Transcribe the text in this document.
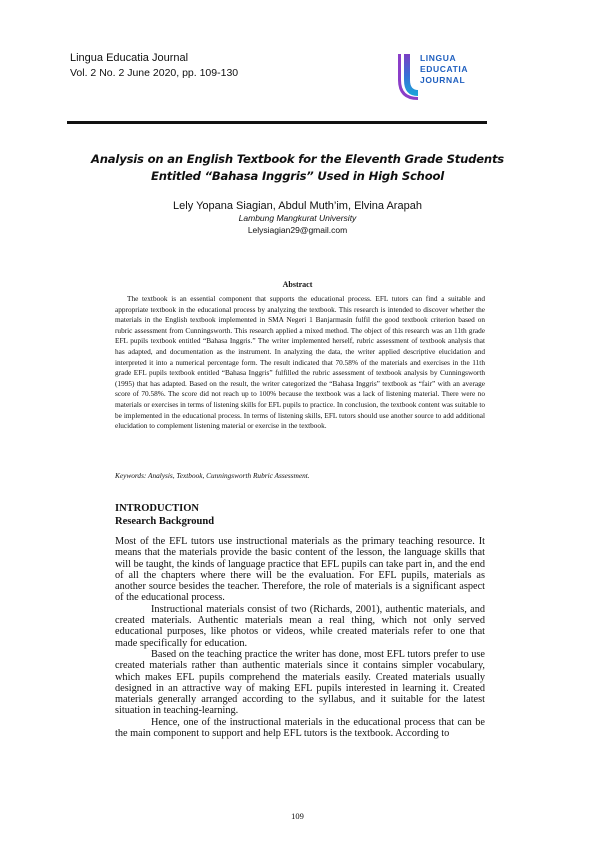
Lingua Educatia Journal
Vol. 2 No. 2 June 2020, pp. 109-130
LINGUA
EDUCATIA
JOURNAL
Analysis on an English Textbook for the Eleventh Grade Students
Entitled “Bahasa Inggris” Used in High School
Lely Yopana Siagian, Abdul Muth’im, Elvina Arapah
Lambung Mangkurat University
Lelysiagian29@gmail.com
Abstract

The textbook is an essential component that supports the educational process. EFL tutors can find a suitable and appropriate textbook in the educational process by analyzing the textbook. This research is intended to discover whether the materials in the English textbook implemented in SMA Negeri 1 Banjarmasin fulfil the good textbook criterion based on rubric assessment from Cunningsworth. This research applied a mixed method. The object of this research was an 11th grade EFL pupils textbook entitled “Bahasa Inggris.” The writer implemented herself, rubric assessment of textbook analysis that has adapted, and documentation as the instrument. In analyzing the data, the writer applied descriptive elucidation and interpreted it into a numerical percentage form. The result indicated that 70.58% of the materials and exercises in the 11th grade EFL pupils textbook entitled “Bahasa Inggris” fulfilled the rubric assessment of textbook analysis by Cunningsworth (1995) that has adapted. Based on the result, the writer categorized the “Bahasa Inggris” textbook as “fair” with an average score of 70.58%. The score did not reach up to 100% because the textbook was a lack of listening material. There were no materials or exercises in terms of listening skills for EFL pupils to practice. In conclusion, the textbook content was suitable to be implemented in the educational process. In terms of listening skills, EFL tutors should use another source to add additional elucidation to complement listening material or exercise in the textbook.

Keywords: Analysis, Textbook, Cunningsworth Rubric Assessment.
INTRODUCTION
Research Background

Most of the EFL tutors use instructional materials as the primary teaching resource. It means that the materials provide the basic content of the lesson, the language skills that will be taught, the kinds of language practice that EFL pupils can take part in, and the end of all the chapters where there will be the evaluation. For EFL pupils, materials as another source besides the teacher. Therefore, the role of materials is a significant aspect of the educational process.

Instructional materials consist of two (Richards, 2001), authentic materials, and created materials. Authentic materials mean a real thing, which not only served educational purposes, like photos or videos, while created materials refer to one that made specifically for education.

Based on the teaching practice the writer has done, most EFL tutors prefer to use created materials rather than authentic materials since it contains simpler vocabulary, which makes EFL pupils comprehend the materials easily. Created materials usually designed in an attractive way of making EFL pupils interested in learning it. Created materials generally arranged according to the syllabus, and it suitable for the latest situation in teaching-learning.

Hence, one of the instructional materials in the educational process that can be the main component to support and help EFL tutors is the textbook. According to

109
